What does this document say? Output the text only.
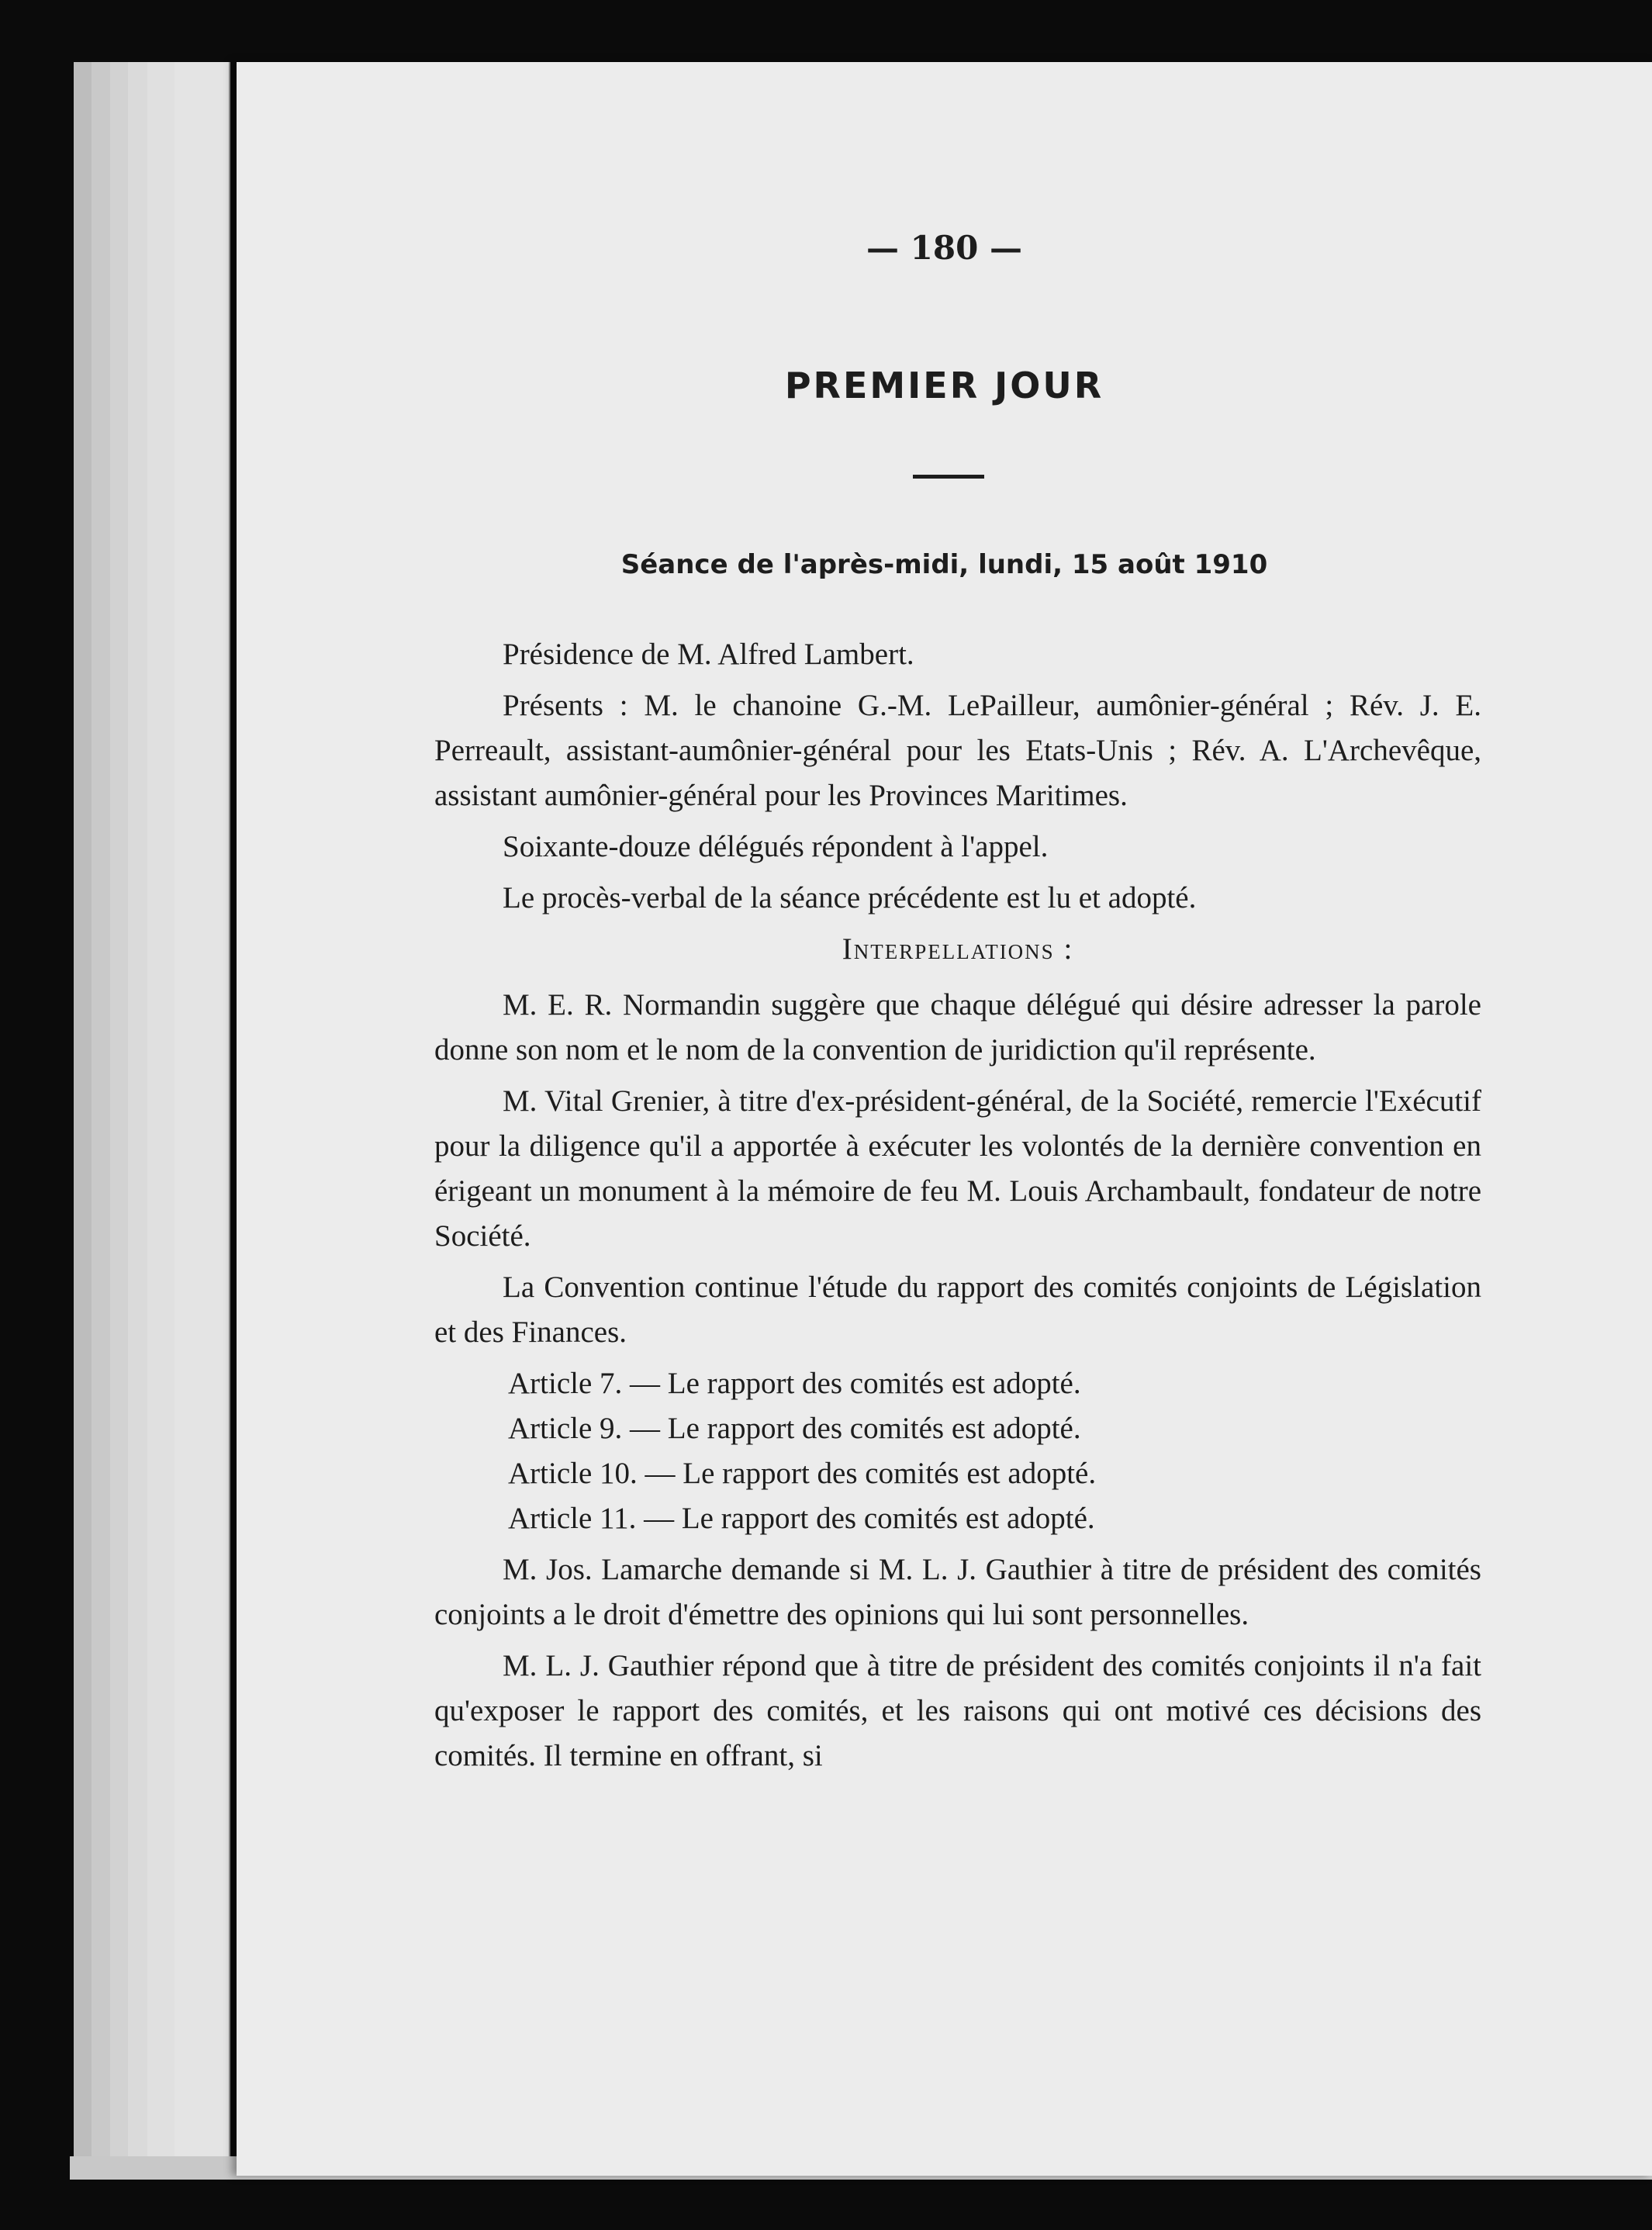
— 180 —
PREMIER JOUR
Séance de l'après-midi, lundi, 15 août 1910

Présidence de M. Alfred Lambert.

Présents : M. le chanoine G.-M. LePailleur, aumônier-général ; Rév. J. E. Perreault, assistant-aumônier-général pour les Etats-Unis ; Rév. A. L'Archevêque, assistant aumônier-général pour les Provinces Maritimes.

Soixante-douze délégués répondent à l'appel.

Le procès-verbal de la séance précédente est lu et adopté.

Interpellations :

M. E. R. Normandin suggère que chaque délégué qui désire adresser la parole donne son nom et le nom de la convention de juridiction qu'il représente.

M. Vital Grenier, à titre d'ex-président-général, de la Société, remercie l'Exécutif pour la diligence qu'il a apportée à exécuter les volontés de la dernière convention en érigeant un monument à la mémoire de feu M. Louis Archambault, fondateur de notre Société.

La Convention continue l'étude du rapport des comités conjoints de Législation et des Finances.

Article 7. — Le rapport des comités est adopté.

Article 9. — Le rapport des comités est adopté.

Article 10. — Le rapport des comités est adopté.

Article 11. — Le rapport des comités est adopté.

M. Jos. Lamarche demande si M. L. J. Gauthier à titre de président des comités conjoints a le droit d'émettre des opinions qui lui sont personnelles.

M. L. J. Gauthier répond que à titre de président des comités conjoints il n'a fait qu'exposer le rapport des comités, et les raisons qui ont motivé ces décisions des comités. Il termine en offrant, si
